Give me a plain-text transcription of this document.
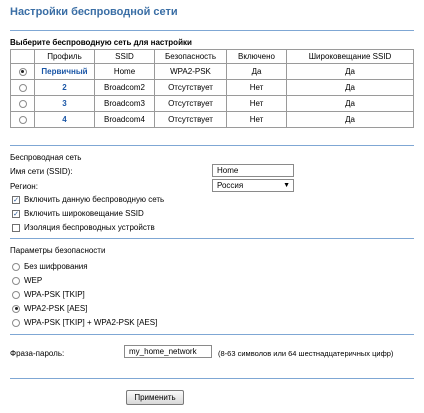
Настройки беспроводной сети
Выберите беспроводную сеть для настройки
	Профиль	SSID	Безопасность	Включено	Широковещание SSID
	Первичный	Home	WPA2-PSK	Да	Да
	2	Broadcom2	Отсутствует	Нет	Да
	3	Broadcom3	Отсутствует	Нет	Да
	4	Broadcom4	Отсутствует	Нет	Да
Беспроводная сеть
Имя сети (SSID):	Home
Регион:	Россия	▼
✓ Включить данную беспроводную сеть
✓ Включить широковещание SSID
Изоляция беспроводных устройств
Параметры безопасности
Без шифрования
WEP
WPA-PSK [TKIP]
WPA2-PSK [AES]
WPA-PSK [TKIP] + WPA2-PSK [AES]
Фраза-пароль:	my_home_network	(8-63 символов или 64 шестнадцатеричных цифр)
Применить
